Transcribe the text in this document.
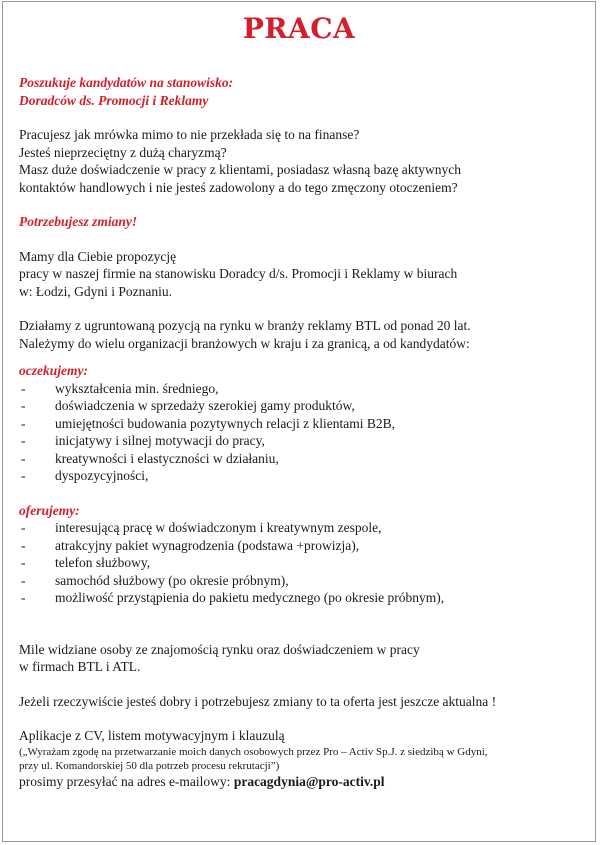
PRACA

Poszukuje kandydatów na stanowisko:

Doradców ds. Promocji i Reklamy

Pracujesz jak mrówka mimo to nie przekłada się to na finanse?

Jesteś nieprzeciętny z dużą charyzmą?

Masz duże doświadczenie w pracy z klientami, posiadasz własną bazę aktywnych

kontaktów handlowych i nie jesteś zadowolony a do tego zmęczony otoczeniem?

Potrzebujesz zmiany!

Mamy dla Ciebie propozycję

pracy w naszej firmie na stanowisku Doradcy d/s. Promocji i Reklamy w biurach

w: Łodzi, Gdyni i Poznaniu.

Działamy z ugruntowaną pozycją na rynku w branży reklamy BTL od ponad 20 lat.

Należymy do wielu organizacji branżowych w kraju i za granicą, a od kandydatów:

oczekujemy:

-	wykształcenia min. średniego,
-	doświadczenia w sprzedaży szerokiej gamy produktów,
-	umiejętności budowania pozytywnych relacji z klientami B2B,
-	inicjatywy i silnej motywacji do pracy,
-	kreatywności i elastyczności w działaniu,
-	dyspozycyjności,

oferujemy:

-	interesującą pracę w doświadczonym i kreatywnym zespole,
-	atrakcyjny pakiet wynagrodzenia (podstawa +prowizja),
-	telefon służbowy,
-	samochód służbowy (po okresie próbnym),
-	możliwość przystąpienia do pakietu medycznego (po okresie próbnym),

Mile widziane osoby ze znajomością rynku oraz doświadczeniem w pracy

w firmach BTL i ATL.

Jeżeli rzeczywiście jesteś dobry i potrzebujesz zmiany to ta oferta jest jeszcze aktualna !

Aplikacje z CV, listem motywacyjnym i klauzulą

(„Wyrażam zgodę na przetwarzanie moich danych osobowych przez Pro – Activ Sp.J. z siedzibą w Gdyni,

przy ul. Komandorskiej 50 dla potrzeb procesu rekrutacji”)

prosimy przesyłać na adres e-mailowy: pracagdynia@pro-activ.pl
